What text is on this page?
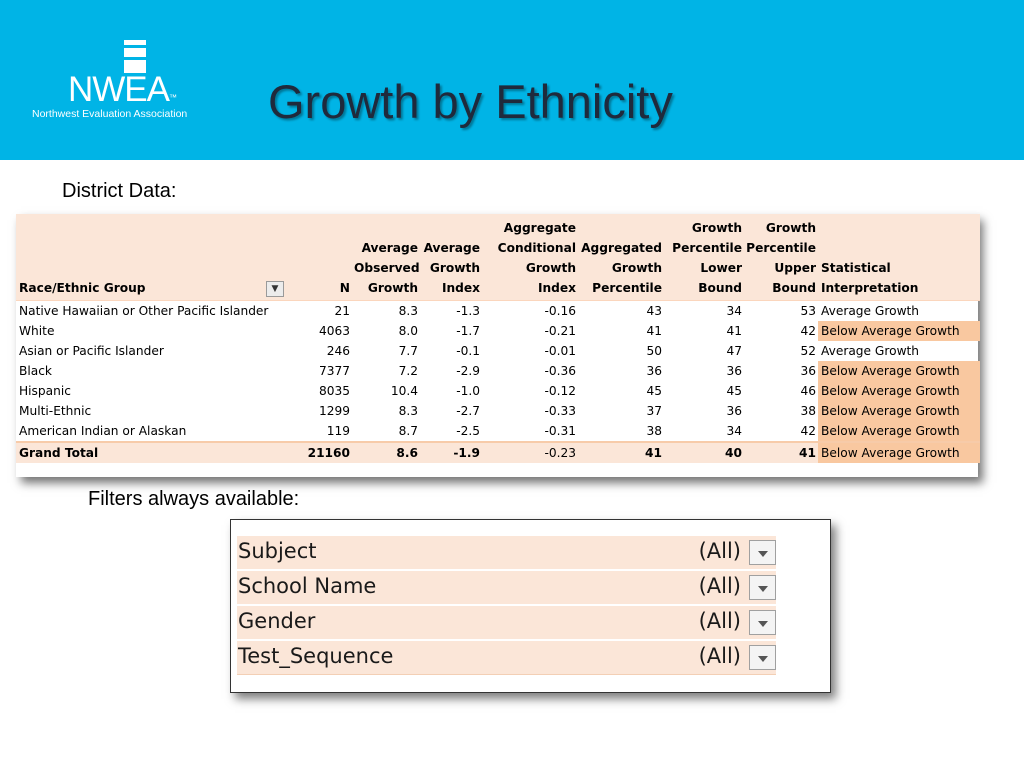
NWEA ™
Northwest Evaluation Association Growth by Ethnicity
District Data:
Race/Ethnic Group ▼	N	Average Observed Growth	Average Growth Index	Aggregate Conditional Growth Index	Aggregated Growth Percentile	Growth Percentile Lower Bound	Growth Percentile Upper Bound	Statistical Interpretation
Native Hawaiian or Other Pacific Islander	21	8.3	-1.3	-0.16	43	34	53	Average Growth
White	4063	8.0	-1.7	-0.21	41	41	42	Below Average Growth
Asian or Pacific Islander	246	7.7	-0.1	-0.01	50	47	52	Average Growth
Black	7377	7.2	-2.9	-0.36	36	36	36	Below Average Growth
Hispanic	8035	10.4	-1.0	-0.12	45	45	46	Below Average Growth
Multi-Ethnic	1299	8.3	-2.7	-0.33	37	36	38	Below Average Growth
American Indian or Alaskan	119	8.7	-2.5	-0.31	38	34	42	Below Average Growth
Grand Total	21160	8.6	-1.9	-0.23	41	40	41	Below Average Growth
Filters always available:
Subject	(All)
School Name	(All)
Gender	(All)
Test_Sequence	(All)
